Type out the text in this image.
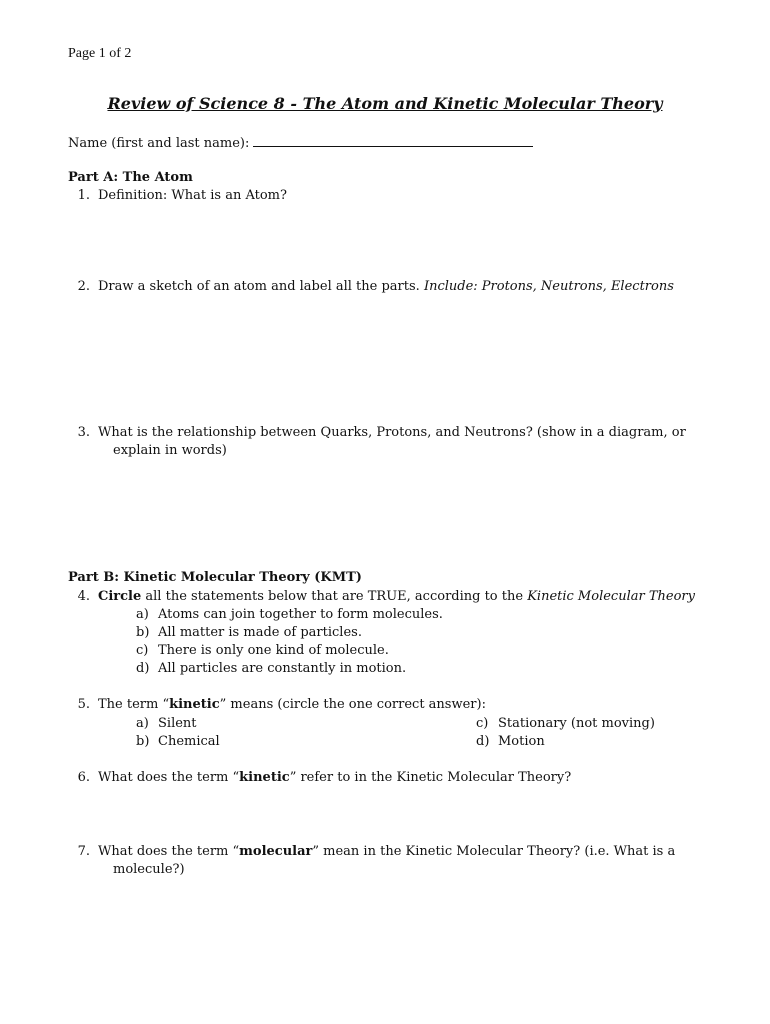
Page 1 of 2
Review of Science 8 - The Atom and Kinetic Molecular Theory
Name (first and last name):
Part A: The Atom
1. Definition: What is an Atom?
2. Draw a sketch of an atom and label all the parts. Include: Protons, Neutrons, Electrons
3. What is the relationship between Quarks, Protons, and Neutrons? (show in a diagram, or
explain in words)
Part B: Kinetic Molecular Theory (KMT)
4. Circle all the statements below that are TRUE, according to the Kinetic Molecular Theory
a) Atoms can join together to form molecules.
b) All matter is made of particles.
c) There is only one kind of molecule.
d) All particles are constantly in motion.
5. The term “kinetic” means (circle the one correct answer):
a) Silent
b) Chemical
c) Stationary (not moving)
d) Motion
6. What does the term “kinetic” refer to in the Kinetic Molecular Theory?
7. What does the term “molecular” mean in the Kinetic Molecular Theory? (i.e. What is a
molecule?)
